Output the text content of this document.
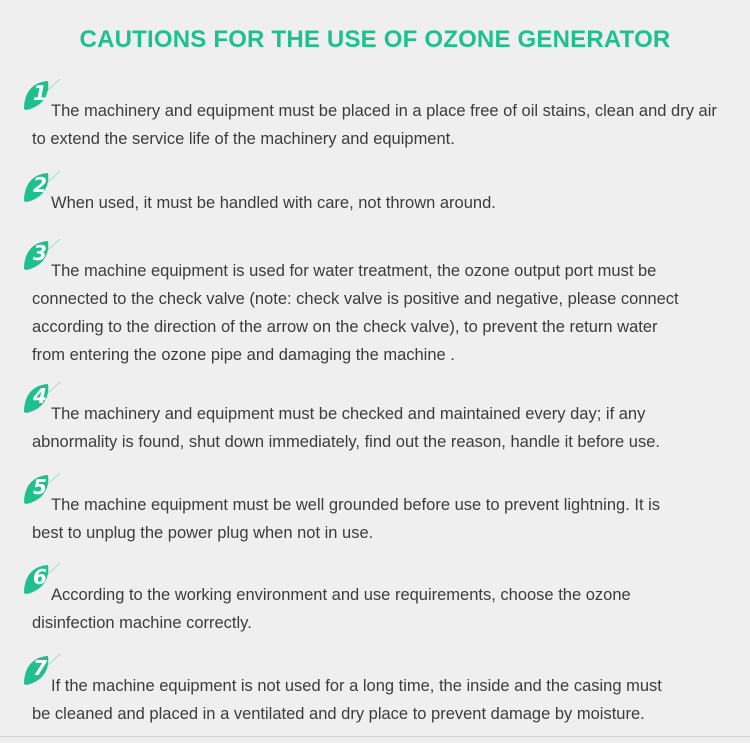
CAUTIONS FOR THE USE OF OZONE GENERATOR
1
The machinery and equipment must be placed in a place free of oil stains, clean and dry air
to extend the service life of the machinery and equipment.
2
When used, it must be handled with care, not thrown around.
3
The machine equipment is used for water treatment, the ozone output port must be
connected to the check valve (note: check valve is positive and negative, please connect
according to the direction of the arrow on the check valve), to prevent the return water
from entering the ozone pipe and damaging the machine .
4
The machinery and equipment must be checked and maintained every day; if any
abnormality is found, shut down immediately, find out the reason, handle it before use.
5
The machine equipment must be well grounded before use to prevent lightning. It is
best to unplug the power plug when not in use.
6
According to the working environment and use requirements, choose the ozone
disinfection machine correctly.
7
If the machine equipment is not used for a long time, the inside and the casing must
be cleaned and placed in a ventilated and dry place to prevent damage by moisture.
